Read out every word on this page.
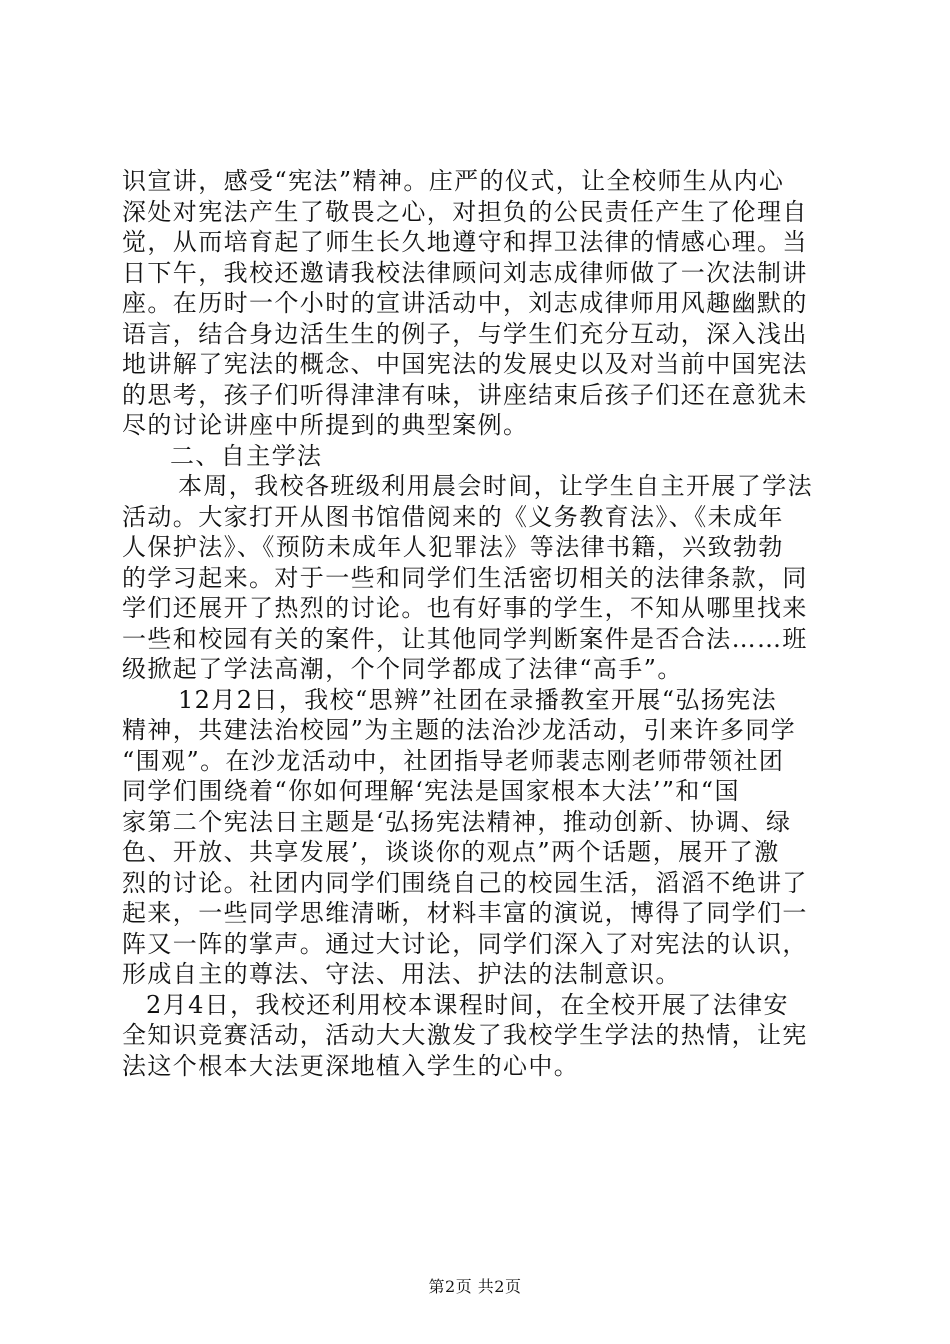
识宣讲，感受“宪法”精神。庄严的仪式，让全校师生从内心
深处对宪法产生了敬畏之心，对担负的公民责任产生了伦理自
觉，从而培育起了师生长久地遵守和捍卫法律的情感心理。当
日下午，我校还邀请我校法律顾问刘志成律师做了一次法制讲
座。在历时一个小时的宣讲活动中，刘志成律师用风趣幽默的
语言，结合身边活生生的例子，与学生们充分互动，深入浅出
地讲解了宪法的概念、中国宪法的发展史以及对当前中国宪法
的思考，孩子们听得津津有味，讲座结束后孩子们还在意犹未
尽的讨论讲座中所提到的典型案例。
二、自主学法
本周，我校各班级利用晨会时间，让学生自主开展了学法
活动。大家打开从图书馆借阅来的《义务教育法》、《未成年
人保护法》、《预防未成年人犯罪法》等法律书籍，兴致勃勃
的学习起来。对于一些和同学们生活密切相关的法律条款，同
学们还展开了热烈的讨论。也有好事的学生，不知从哪里找来
一些和校园有关的案件，让其他同学判断案件是否合法……班
级掀起了学法高潮，个个同学都成了法律“高手”。
12月2日，我校“思辨”社团在录播教室开展“弘扬宪法
精神，共建法治校园”为主题的法治沙龙活动，引来许多同学
“围观”。在沙龙活动中，社团指导老师裴志刚老师带领社团
同学们围绕着“你如何理解‘宪法是国家根本大法’”和“国
家第二个宪法日主题是‘弘扬宪法精神，推动创新、协调、绿
色、开放、共享发展’，谈谈你的观点”两个话题，展开了激
烈的讨论。社团内同学们围绕自己的校园生活，滔滔不绝讲了
起来，一些同学思维清晰，材料丰富的演说，博得了同学们一
阵又一阵的掌声。通过大讨论，同学们深入了对宪法的认识，
形成自主的尊法、守法、用法、护法的法制意识。
2月4日，我校还利用校本课程时间，在全校开展了法律安
全知识竞赛活动，活动大大激发了我校学生学法的热情，让宪
法这个根本大法更深地植入学生的心中。
第2页 共2页
